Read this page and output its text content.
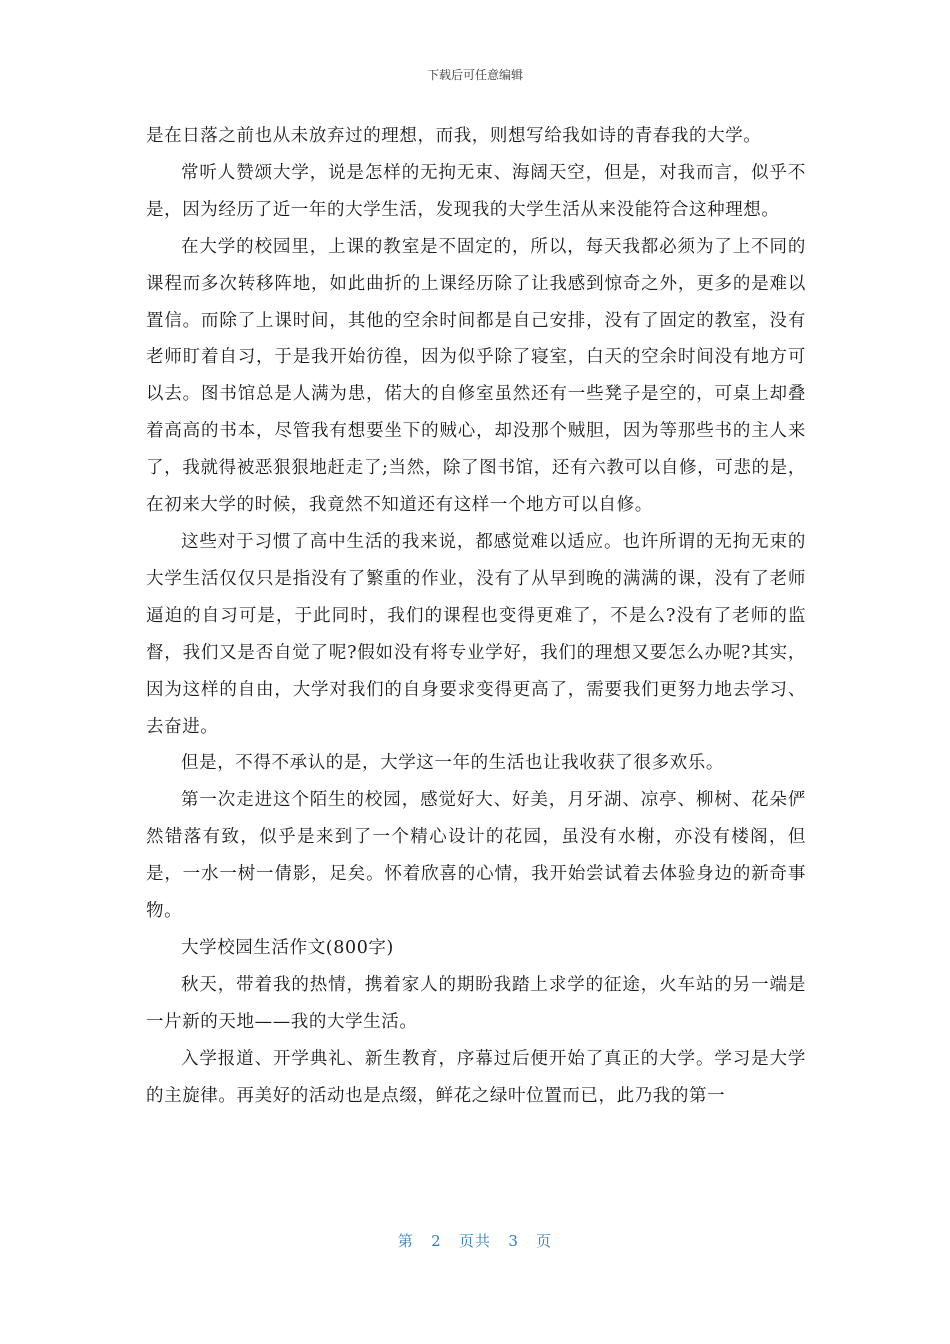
下载后可任意编辑

是在日落之前也从未放弃过的理想，而我，则想写给我如诗的青春我的大学。

常听人赞颂大学，说是怎样的无拘无束、海阔天空，但是，对我而言，似乎不是，因为经历了近一年的大学生活，发现我的大学生活从来没能符合这种理想。

在大学的校园里，上课的教室是不固定的，所以，每天我都必须为了上不同的课程而多次转移阵地，如此曲折的上课经历除了让我感到惊奇之外，更多的是难以置信。而除了上课时间，其他的空余时间都是自己安排，没有了固定的教室，没有老师盯着自习，于是我开始彷徨，因为似乎除了寝室，白天的空余时间没有地方可以去。图书馆总是人满为患，偌大的自修室虽然还有一些凳子是空的，可桌上却叠着高高的书本，尽管我有想要坐下的贼心，却没那个贼胆，因为等那些书的主人来了，我就得被恶狠狠地赶走了;当然，除了图书馆，还有六教可以自修，可悲的是，在初来大学的时候，我竟然不知道还有这样一个地方可以自修。

这些对于习惯了高中生活的我来说，都感觉难以适应。也许所谓的无拘无束的大学生活仅仅只是指没有了繁重的作业，没有了从早到晚的满满的课，没有了老师逼迫的自习可是，于此同时，我们的课程也变得更难了，不是么?没有了老师的监督，我们又是否自觉了呢?假如没有将专业学好，我们的理想又要怎么办呢?其实，因为这样的自由，大学对我们的自身要求变得更高了，需要我们更努力地去学习、去奋进。

但是，不得不承认的是，大学这一年的生活也让我收获了很多欢乐。

第一次走进这个陌生的校园，感觉好大、好美，月牙湖、凉亭、柳树、花朵俨然错落有致，似乎是来到了一个精心设计的花园，虽没有水榭，亦没有楼阁，但是，一水一树一倩影，足矣。怀着欣喜的心情，我开始尝试着去体验身边的新奇事物。

大学校园生活作文(800字)

秋天，带着我的热情，携着家人的期盼我踏上求学的征途，火车站的另一端是一片新的天地——我的大学生活。

入学报道、开学典礼、新生教育，序幕过后便开始了真正的大学。学习是大学的主旋律。再美好的活动也是点缀，鲜花之绿叶位置而已，此乃我的第一

第 2 页共 3 页
